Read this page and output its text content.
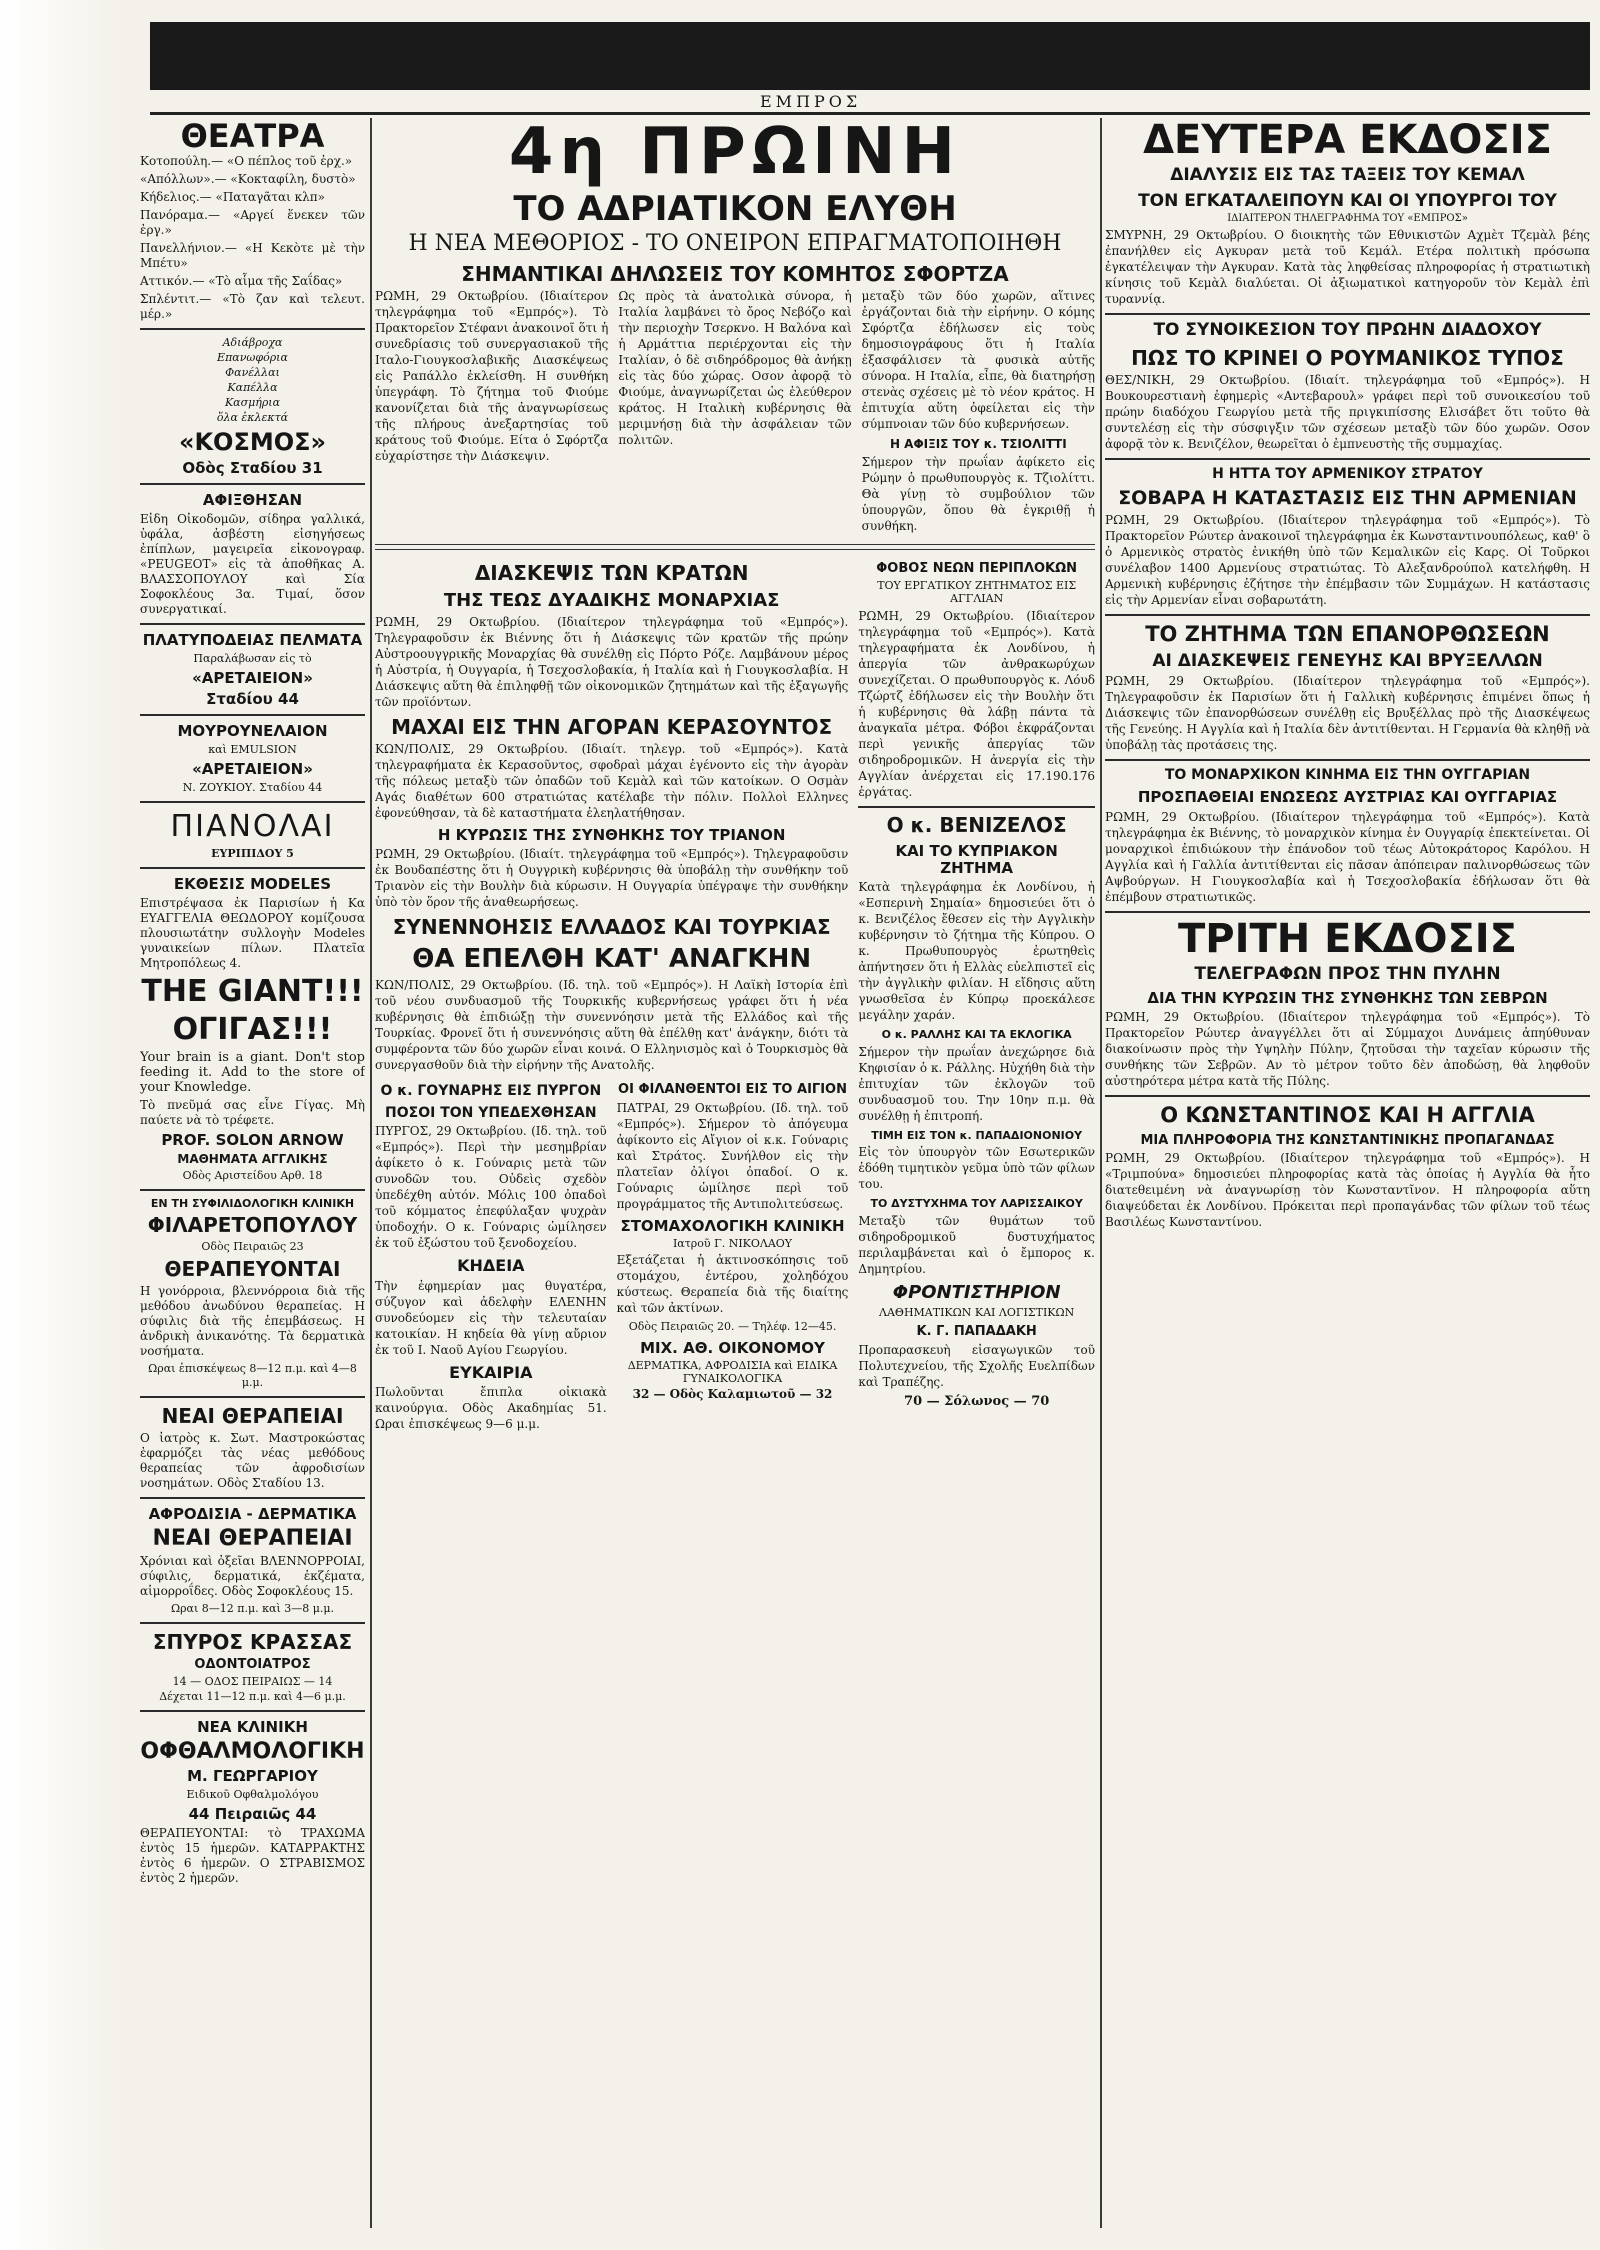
ΕΜΠΡΟΣ
ΘΕΑΤΡΑ
Κοτοπούλη.— «Ο πέπλος τοῦ ἐρχ.»
«Απόλλων».— «Κοκταφίλη, δυστὸ»
Κήδελιος.— «Παταγᾶται κλπ»
Πανόραμα.— «Αργεί ἕνεκεν τῶν ἐργ.»
Πανελλήνιον.— «Η Κεκὸτε μὲ τὴν Μπέτυ»
Αττικόν.— «Τὸ αἷμα τῆς Σαΐδας»
Σπλέντιτ.— «Τὸ ζαν καὶ τελευτ. μέρ.»
Αδιάβροχα
Επανωφόρια
Φανέλλαι
Καπέλλα
Κασμήρια
ὅλα ἐκλεκτά
«ΚΟΣΜΟΣ»
Οδὸς Σταδίου 31
ΑΦΙΞΘΗΣΑΝ
Εἰδη Οἰκοδομῶν, σίδηρα γαλλικά, ὑφάλα, ἀσβέστη εἰσηγήσεως ἐπίπλων, μαγειρεῖα εἰκονογραφ. «PEUGEOT» εἰς τὰ ἀποθῆκας Α. ΒΛΑΣΣΟΠΟΥΛΟΥ καὶ Σία Σοφοκλέους 3α. Τιμαί, ὅσον συνεργατικαί.
ΠΛΑΤΥΠΟΔΕΙΑΣ ΠΕΛΜΑΤΑ
Παραλάβωσαν εἰς τὸ
«ΑΡΕΤΑΙΕΙΟΝ»
Σταδίου 44
ΜΟΥΡΟΥΝΕΛΑΙΟΝ
καὶ EMULSION
«ΑΡΕΤΑΙΕΙΟΝ»
Ν. ΖΟΥΚΙΟΥ. Σταδίου 44
ΠΙΑΝΟΛΑΙ
ΕΥΡΙΠΙΔΟΥ 5
ΕΚΘΕΣΙΣ MODELES
Επιστρέψασα ἐκ Παρισίων ἡ Κα ΕΥΑΓΓΕΛΙΑ ΘΕΩΔΟΡΟΥ κομίζουσα πλουσιωτάτην συλλογὴν Modeles γυναικείων πίλων. Πλατεῖα Μητροπόλεως 4.
THE GIANT!!!
ΟΓΙΓΑΣ!!!
Your brain is a giant. Don't stop feeding it. Add to the store of your Knowledge.
Τὸ πνεῦμά σας εἶνε Γίγας. Μὴ παύετε νὰ τὸ τρέφετε.
PROF. SOLON ARNOW
ΜΑΘΗΜΑΤΑ ΑΓΓΛΙΚΗΣ
Οδὸς Αριστείδου Αρθ. 18
ΕΝ ΤΗ ΣΥΦΙΛΙΔΟΛΟΓΙΚΗ ΚΛΙΝΙΚΗ
ΦΙΛΑΡΕΤΟΠΟΥΛΟΥ
Οδὸς Πειραιῶς 23
ΘΕΡΑΠΕΥΟΝΤΑΙ
Η γονόρροια, βλεννόρροια διὰ τῆς μεθόδου ἀνωδύνου θεραπείας. Η σύφιλις διὰ τῆς ἐπεμβάσεως. Η ἀνδρικὴ ἀνικανότης. Τὰ δερματικὰ νοσήματα.
Ωραι ἐπισκέψεως 8—12 π.μ. καὶ 4—8 μ.μ.
ΝΕΑΙ ΘΕΡΑΠΕΙΑΙ
Ο ἰατρὸς κ. Σωτ. Μαστροκώστας ἐφαρμόζει τὰς νέας μεθόδους θεραπείας τῶν ἀφροδισίων νοσημάτων. Οδὸς Σταδίου 13.
ΑΦΡΟΔΙΣΙΑ - ΔΕΡΜΑΤΙΚΑ
ΝΕΑΙ ΘΕΡΑΠΕΙΑΙ
Χρόνιαι καὶ ὀξεῖαι ΒΛΕΝΝΟΡΡΟΙΑΙ, σύφιλις, δερματικά, ἐκζέματα, αἱμορροΐδες. Οδὸς Σοφοκλέους 15.
Ωραι 8—12 π.μ. καὶ 3—8 μ.μ.
ΣΠΥΡΟΣ ΚΡΑΣΣΑΣ
ΟΔΟΝΤΟΙΑΤΡΟΣ
14 — ΟΔΟΣ ΠΕΙΡΑΙΩΣ — 14
Δέχεται 11—12 π.μ. καὶ 4—6 μ.μ.
ΝΕΑ ΚΛΙΝΙΚΗ
ΟΦΘΑΛΜΟΛΟΓΙΚΗ
Μ. ΓΕΩΡΓΑΡΙΟΥ
Ειδικοῦ Οφθαλμολόγου
44 Πειραιῶς 44
ΘΕΡΑΠΕΥΟΝΤΑΙ: τὸ ΤΡΑΧΩΜΑ ἐντὸς 15 ἡμερῶν. ΚΑΤΑΡΡΑΚΤΗΣ ἐντὸς 6 ἡμερῶν. Ο ΣΤΡΑΒΙΣΜΟΣ ἐντὸς 2 ἡμερῶν.
4η ΠΡΩΙΝΗ
ΤΟ ΑΔΡΙΑΤΙΚΟΝ ΕΛΥΘΗ
Η ΝΕΑ ΜΕΘΟΡΙΟΣ - ΤΟ ΟΝΕΙΡΟΝ ΕΠΡΑΓΜΑΤΟΠΟΙΗΘΗ
ΣΗΜΑΝΤΙΚΑΙ ΔΗΛΩΣΕΙΣ ΤΟΥ ΚΟΜΗΤΟΣ ΣΦΟΡΤΖΑ
ΡΩΜΗ, 29 Οκτωβρίου. (Ιδιαίτερον τηλεγράφημα τοῦ «Εμπρός»). Τὸ Πρακτορεῖον Στέφανι ἀνακοινοῖ ὅτι ἡ συνεδρίασις τοῦ συνεργασιακοῦ τῆς Ιταλο-Γιουγκοσλαβικῆς Διασκέψεως εἰς Ραπάλλο ἐκλείσθη. Η συνθήκη ὑπεγράφη. Τὸ ζήτημα τοῦ Φιούμε κανονίζεται διὰ τῆς ἀναγνωρίσεως τῆς πλήρους ἀνεξαρτησίας τοῦ κράτους τοῦ Φιούμε. Είτα ὁ Σφόρτζα εὐχαρίστησε τὴν Διάσκεψιν.
Ως πρὸς τὰ ἀνατολικὰ σύνορα, ἡ Ιταλία λαμβάνει τὸ ὄρος Νεβόζο καὶ τὴν περιοχὴν Τσερκνο. Η Βαλόνα καὶ ἡ Αρμάττια περιέρχονται εἰς τὴν Ιταλίαν, ὁ δὲ σιδηρόδρομος θὰ ἀνήκῃ εἰς τὰς δύο χώρας. Οσον ἀφορᾷ τὸ Φιούμε, ἀναγνωρίζεται ὡς ἐλεύθερον κράτος. Η Ιταλικὴ κυβέρνησις θὰ μεριμνήσῃ διὰ τὴν ἀσφάλειαν τῶν πολιτῶν.
μεταξὺ τῶν δύο χωρῶν, αἵτινες ἐργάζονται διὰ τὴν εἰρήνην. Ο κόμης Σφόρτζα ἐδήλωσεν εἰς τοὺς δημοσιογράφους ὅτι ἡ Ιταλία ἐξασφάλισεν τὰ φυσικὰ αὐτῆς σύνορα. Η Ιταλία, εἶπε, θὰ διατηρήσῃ στενὰς σχέσεις μὲ τὸ νέον κράτος. Η ἐπιτυχία αὕτη ὀφείλεται εἰς τὴν σύμπνοιαν τῶν δύο κυβερνήσεων.
Η ΑΦΙΞΙΣ ΤΟΥ κ. ΤΣΙΟΛΙΤΤΙ
Σήμερον τὴν πρωΐαν ἀφίκετο εἰς Ρώμην ὁ πρωθυπουργὸς κ. Τζιολίττι. Θὰ γίνῃ τὸ συμβούλιον τῶν ὑπουργῶν, ὅπου θὰ ἐγκριθῇ ἡ συνθήκη.
ΔΙΑΣΚΕΨΙΣ ΤΩΝ ΚΡΑΤΩΝ
ΤΗΣ ΤΕΩΣ ΔΥΑΔΙΚΗΣ ΜΟΝΑΡΧΙΑΣ
ΡΩΜΗ, 29 Οκτωβρίου. (Ιδιαίτερον τηλεγράφημα τοῦ «Εμπρός»). Τηλεγραφοῦσιν ἐκ Βιέννης ὅτι ἡ Διάσκεψις τῶν κρατῶν τῆς πρώην Αὐστροουγγρικῆς Μοναρχίας θὰ συνέλθῃ εἰς Πόρτο Ρόζε. Λαμβάνουν μέρος ἡ Αὐστρία, ἡ Ουγγαρία, ἡ Τσεχοσλοβακία, ἡ Ιταλία καὶ ἡ Γιουγκοσλαβία. Η Διάσκεψις αὕτη θὰ ἐπιληφθῇ τῶν οἰκονομικῶν ζητημάτων καὶ τῆς ἐξαγωγῆς τῶν προϊόντων.
ΜΑΧΑΙ ΕΙΣ ΤΗΝ ΑΓΟΡΑΝ ΚΕΡΑΣΟΥΝΤΟΣ
ΚΩΝ/ΠΟΛΙΣ, 29 Οκτωβρίου. (Ιδιαίτ. τηλεγρ. τοῦ «Εμπρός»). Κατὰ τηλεγραφήματα ἐκ Κερασοῦντος, σφοδραὶ μάχαι ἐγένοντο εἰς τὴν ἀγορὰν τῆς πόλεως μεταξὺ τῶν ὀπαδῶν τοῦ Κεμὰλ καὶ τῶν κατοίκων. Ο Οσμὰν Αγάς διαθέτων 600 στρατιώτας κατέλαβε τὴν πόλιν. Πολλοὶ Ελληνες ἐφονεύθησαν, τὰ δὲ καταστήματα ἐλεηλατήθησαν.
Η ΚΥΡΩΣΙΣ ΤΗΣ ΣΥΝΘΗΚΗΣ ΤΟΥ ΤΡΙΑΝΟΝ
ΡΩΜΗ, 29 Οκτωβρίου. (Ιδιαίτ. τηλεγράφημα τοῦ «Εμπρός»). Τηλεγραφοῦσιν ἐκ Βουδαπέστης ὅτι ἡ Ουγγρικὴ κυβέρνησις θὰ ὑποβάλῃ τὴν συνθήκην τοῦ Τριανὸν εἰς τὴν Βουλὴν διὰ κύρωσιν. Η Ουγγαρία ὑπέγραψε τὴν συνθήκην ὑπὸ τὸν ὅρον τῆς ἀναθεωρήσεως.
ΣΥΝΕΝΝΟΗΣΙΣ ΕΛΛΑΔΟΣ ΚΑΙ ΤΟΥΡΚΙΑΣ
ΘΑ ΕΠΕΛΘΗ ΚΑΤ' ΑΝΑΓΚΗΝ
ΚΩΝ/ΠΟΛΙΣ, 29 Οκτωβρίου. (Ιδ. τηλ. τοῦ «Εμπρός»). Η Λαϊκὴ Ιστορία ἐπὶ τοῦ νέου συνδυασμοῦ τῆς Τουρκικῆς κυβερνήσεως γράφει ὅτι ἡ νέα κυβέρνησις θὰ ἐπιδιώξῃ τὴν συνεννόησιν μετὰ τῆς Ελλάδος καὶ τῆς Τουρκίας. Φρονεῖ ὅτι ἡ συνεννόησις αὕτη θὰ ἐπέλθῃ κατ' ἀνάγκην, διότι τὰ συμφέροντα τῶν δύο χωρῶν εἶναι κοινά. Ο Ελληνισμὸς καὶ ὁ Τουρκισμὸς θὰ συνεργασθοῦν διὰ τὴν εἰρήνην τῆς Ανατολῆς.
Ο κ. ΓΟΥΝΑΡΗΣ ΕΙΣ ΠΥΡΓΟΝ
ΠΟΣΟΙ ΤΟΝ ΥΠΕΔΕΧΘΗΣΑΝ
ΠΥΡΓΟΣ, 29 Οκτωβρίου. (Ιδ. τηλ. τοῦ «Εμπρός»). Περὶ τὴν μεσημβρίαν ἀφίκετο ὁ κ. Γούναρις μετὰ τῶν συνοδῶν του. Οὐδεὶς σχεδὸν ὑπεδέχθη αὐτόν. Μόλις 100 ὀπαδοὶ τοῦ κόμματος ἐπεφύλαξαν ψυχρὰν ὑποδοχήν. Ο κ. Γούναρις ὡμίλησεν ἐκ τοῦ ἐξώστου τοῦ ξενοδοχείου.
ΚΗΔΕΙΑ
Τὴν ἐφημερίαν μας θυγατέρα, σύζυγον καὶ ἀδελφὴν ΕΛΕΝΗΝ συνοδεύομεν εἰς τὴν τελευταίαν κατοικίαν. Η κηδεία θὰ γίνῃ αὔριον ἐκ τοῦ Ι. Ναοῦ Αγίου Γεωργίου.
ΕΥΚΑΙΡΙΑ
Πωλοῦνται ἔπιπλα οἰκιακὰ καινούργια. Οδὸς Ακαδημίας 51. Ωραι ἐπισκέψεως 9—6 μ.μ.
ΟΙ ΦΙΛΑΝΘΕΝΤΟΙ ΕΙΣ ΤΟ ΑΙΓΙΟΝ
ΠΑΤΡΑΙ, 29 Οκτωβρίου. (Ιδ. τηλ. τοῦ «Εμπρός»). Σήμερον τὸ ἀπόγευμα ἀφίκοντο εἰς Αἴγιον οἱ κ.κ. Γούναρις καὶ Στράτος. Συνήλθον εἰς τὴν πλατεῖαν ὀλίγοι ὀπαδοί. Ο κ. Γούναρις ὡμίλησε περὶ τοῦ προγράμματος τῆς Αντιπολιτεύσεως.
ΣΤΟΜΑΧΟΛΟΓΙΚΗ ΚΛΙΝΙΚΗ
Ιατροῦ Γ. ΝΙΚΟΛΑΟΥ
Εξετάζεται ἡ ἀκτινοσκόπησις τοῦ στομάχου, ἐντέρου, χοληδόχου κύστεως. Θεραπεία διὰ τῆς διαίτης καὶ τῶν ἀκτίνων.
Οδὸς Πειραιῶς 20. — Τηλέφ. 12—45.
ΜΙΧ. ΑΘ. ΟΙΚΟΝΟΜΟΥ
ΔΕΡΜΑΤΙΚΑ, ΑΦΡΟΔΙΣΙΑ καὶ ΕΙΔΙΚΑ ΓΥΝΑΙΚΟΛΟΓΙΚΑ
32 — Οδὸς Καλαμιωτοῦ — 32
ΦΟΒΟΣ ΝΕΩΝ ΠΕΡΙΠΛΟΚΩΝ
ΤΟΥ ΕΡΓΑΤΙΚΟΥ ΖΗΤΗΜΑΤΟΣ ΕΙΣ ΑΓΓΛΙΑΝ
ΡΩΜΗ, 29 Οκτωβρίου. (Ιδιαίτερον τηλεγράφημα τοῦ «Εμπρός»). Κατὰ τηλεγραφήματα ἐκ Λονδίνου, ἡ ἀπεργία τῶν ἀνθρακωρύχων συνεχίζεται. Ο πρωθυπουργὸς κ. Λόυδ Τζώρτζ ἐδήλωσεν εἰς τὴν Βουλὴν ὅτι ἡ κυβέρνησις θὰ λάβῃ πάντα τὰ ἀναγκαῖα μέτρα. Φόβοι ἐκφράζονται περὶ γενικῆς ἀπεργίας τῶν σιδηροδρομικῶν. Η ἀνεργία εἰς τὴν Αγγλίαν ἀνέρχεται εἰς 17.190.176 ἐργάτας.
Ο κ. ΒΕΝΙΖΕΛΟΣ
ΚΑΙ ΤΟ ΚΥΠΡΙΑΚΟΝ ΖΗΤΗΜΑ
Κατὰ τηλεγράφημα ἐκ Λονδίνου, ἡ «Εσπερινὴ Σημαία» δημοσιεύει ὅτι ὁ κ. Βενιζέλος ἔθεσεν εἰς τὴν Αγγλικὴν κυβέρνησιν τὸ ζήτημα τῆς Κύπρου. Ο κ. Πρωθυπουργὸς ἐρωτηθεὶς ἀπήντησεν ὅτι ἡ Ελλὰς εὐελπιστεῖ εἰς τὴν ἀγγλικὴν φιλίαν. Η εἴδησις αὕτη γνωσθεῖσα ἐν Κύπρῳ προεκάλεσε μεγάλην χαράν.
Ο κ. ΡΑΛΛΗΣ ΚΑΙ ΤΑ ΕΚΛΟΓΙΚΑ
Σήμερον τὴν πρωΐαν ἀνεχώρησε διὰ Κηφισίαν ὁ κ. Ράλλης. Ηὐχήθη διὰ τὴν ἐπιτυχίαν τῶν ἐκλογῶν τοῦ συνδυασμοῦ του. Την 10ην π.μ. θὰ συνέλθῃ ἡ ἐπιτροπή.
ΤΙΜΗ ΕΙΣ ΤΟΝ κ. ΠΑΠΑΔΙΟΝΟΝΙΟΥ
Εἰς τὸν ὑπουργὸν τῶν Εσωτερικῶν ἐδόθη τιμητικὸν γεῦμα ὑπὸ τῶν φίλων του.
ΤΟ ΔΥΣΤΥΧΗΜΑ ΤΟΥ ΛΑΡΙΣΣΑΙΚΟΥ
Μεταξὺ τῶν θυμάτων τοῦ σιδηροδρομικοῦ δυστυχήματος περιλαμβάνεται καὶ ὁ ἔμπορος κ. Δημητρίου.
ΦΡΟΝΤΙΣΤΗΡΙΟΝ
ΛΑΘΗΜΑΤΙΚΩΝ ΚΑΙ ΛΟΓΙΣΤΙΚΩΝ
Κ. Γ. ΠΑΠΑΔΑΚΗ
Προπαρασκευὴ εἰσαγωγικῶν τοῦ Πολυτεχνείου, τῆς Σχολῆς Ευελπίδων καὶ Τραπέζης.
70 — Σόλωνος — 70
ΔΕΥΤΕΡΑ ΕΚΔΟΣΙΣ
ΔΙΑΛΥΣΙΣ ΕΙΣ ΤΑΣ ΤΑΞΕΙΣ ΤΟΥ ΚΕΜΑΛ
ΤΟΝ ΕΓΚΑΤΑΛΕΙΠΟΥΝ ΚΑΙ ΟΙ ΥΠΟΥΡΓΟΙ ΤΟΥ
ΙΔΙΑΙΤΕΡΟΝ ΤΗΛΕΓΡΑΦΗΜΑ ΤΟΥ «ΕΜΠΡΟΣ»
ΣΜΥΡΝΗ, 29 Οκτωβρίου. Ο διοικητὴς τῶν Εθνικιστῶν Αχμὲτ Τζεμὰλ βέης ἐπανήλθεν εἰς Αγκυραν μετὰ τοῦ Κεμάλ. Ετέρα πολιτικὴ πρόσωπα ἐγκατέλειψαν τὴν Αγκυραν. Κατὰ τὰς ληφθείσας πληροφορίας ἡ στρατιωτικὴ κίνησις τοῦ Κεμὰλ διαλύεται. Οἱ ἀξιωματικοὶ κατηγοροῦν τὸν Κεμὰλ ἐπὶ τυραννίᾳ.
ΤΟ ΣΥΝΟΙΚΕΣΙΟΝ ΤΟΥ ΠΡΩΗΝ ΔΙΑΔΟΧΟΥ
ΠΩΣ ΤΟ ΚΡΙΝΕΙ Ο ΡΟΥΜΑΝΙΚΟΣ ΤΥΠΟΣ
ΘΕΣ/ΝΙΚΗ, 29 Οκτωβρίου. (Ιδιαίτ. τηλεγράφημα τοῦ «Εμπρός»). Η Βουκουρεστιανὴ ἐφημερὶς «Αντεβαρουλ» γράφει περὶ τοῦ συνοικεσίου τοῦ πρώην διαδόχου Γεωργίου μετὰ τῆς πριγκιπίσσης Ελισάβετ ὅτι τοῦτο θὰ συντελέσῃ εἰς τὴν σύσφιγξιν τῶν σχέσεων μεταξὺ τῶν δύο χωρῶν. Οσον ἀφορᾷ τὸν κ. Βενιζέλον, θεωρεῖται ὁ ἐμπνευστὴς τῆς συμμαχίας.
Η ΗΤΤΑ ΤΟΥ ΑΡΜΕΝΙΚΟΥ ΣΤΡΑΤΟΥ
ΣΟΒΑΡΑ Η ΚΑΤΑΣΤΑΣΙΣ ΕΙΣ ΤΗΝ ΑΡΜΕΝΙΑΝ
ΡΩΜΗ, 29 Οκτωβρίου. (Ιδιαίτερον τηλεγράφημα τοῦ «Εμπρός»). Τὸ Πρακτορεῖον Ρώυτερ ἀνακοινοῖ τηλεγράφημα ἐκ Κωνσταντινουπόλεως, καθ' ὃ ὁ Αρμενικὸς στρατὸς ἐνικήθη ὑπὸ τῶν Κεμαλικῶν εἰς Καρς. Οἱ Τοῦρκοι συνέλαβον 1400 Αρμενίους στρατιώτας. Τὸ Αλεξανδρούπολ κατελήφθη. Η Αρμενικὴ κυβέρνησις ἐζήτησε τὴν ἐπέμβασιν τῶν Συμμάχων. Η κατάστασις εἰς τὴν Αρμενίαν εἶναι σοβαρωτάτη.
ΤΟ ΖΗΤΗΜΑ ΤΩΝ ΕΠΑΝΟΡΘΩΣΕΩΝ
ΑΙ ΔΙΑΣΚΕΨΕΙΣ ΓΕΝΕΥΗΣ ΚΑΙ ΒΡΥΞΕΛΛΩΝ
ΡΩΜΗ, 29 Οκτωβρίου. (Ιδιαίτερον τηλεγράφημα τοῦ «Εμπρός»). Τηλεγραφοῦσιν ἐκ Παρισίων ὅτι ἡ Γαλλικὴ κυβέρνησις ἐπιμένει ὅπως ἡ Διάσκεψις τῶν ἐπανορθώσεων συνέλθῃ εἰς Βρυξέλλας πρὸ τῆς Διασκέψεως τῆς Γενεύης. Η Αγγλία καὶ ἡ Ιταλία δὲν ἀντιτίθενται. Η Γερμανία θὰ κληθῇ νὰ ὑποβάλῃ τὰς προτάσεις της.
ΤΟ ΜΟΝΑΡΧΙΚΟΝ ΚΙΝΗΜΑ ΕΙΣ ΤΗΝ ΟΥΓΓΑΡΙΑΝ
ΠΡΟΣΠΑΘΕΙΑΙ ΕΝΩΣΕΩΣ ΑΥΣΤΡΙΑΣ ΚΑΙ ΟΥΓΓΑΡΙΑΣ
ΡΩΜΗ, 29 Οκτωβρίου. (Ιδιαίτερον τηλεγράφημα τοῦ «Εμπρός»). Κατὰ τηλεγράφημα ἐκ Βιέννης, τὸ μοναρχικὸν κίνημα ἐν Ουγγαρίᾳ ἐπεκτείνεται. Οἱ μοναρχικοὶ ἐπιδιώκουν τὴν ἐπάνοδον τοῦ τέως Αὐτοκράτορος Καρόλου. Η Αγγλία καὶ ἡ Γαλλία ἀντιτίθενται εἰς πᾶσαν ἀπόπειραν παλινορθώσεως τῶν Αψβούργων. Η Γιουγκοσλαβία καὶ ἡ Τσεχοσλοβακία ἐδήλωσαν ὅτι θὰ ἐπέμβουν στρατιωτικῶς.
ΤΡΙΤΗ ΕΚΔΟΣΙΣ
ΤΕΛΕΓΡΑΦΩΝ ΠΡΟΣ ΤΗΝ ΠΥΛΗΝ
ΔΙΑ ΤΗΝ ΚΥΡΩΣΙΝ ΤΗΣ ΣΥΝΘΗΚΗΣ ΤΩΝ ΣΕΒΡΩΝ
ΡΩΜΗ, 29 Οκτωβρίου. (Ιδιαίτερον τηλεγράφημα τοῦ «Εμπρός»). Τὸ Πρακτορεῖον Ρώυτερ ἀναγγέλλει ὅτι αἱ Σύμμαχοι Δυνάμεις ἀπηύθυναν διακοίνωσιν πρὸς τὴν Υψηλὴν Πύλην, ζητοῦσαι τὴν ταχεῖαν κύρωσιν τῆς συνθήκης τῶν Σεβρῶν. Αν τὸ μέτρον τοῦτο δὲν ἀποδώσῃ, θὰ ληφθοῦν αὐστηρότερα μέτρα κατὰ τῆς Πύλης.
Ο ΚΩΝΣΤΑΝΤΙΝΟΣ ΚΑΙ Η ΑΓΓΛΙΑ
ΜΙΑ ΠΛΗΡΟΦΟΡΙΑ ΤΗΣ ΚΩΝΣΤΑΝΤΙΝΙΚΗΣ ΠΡΟΠΑΓΑΝΔΑΣ
ΡΩΜΗ, 29 Οκτωβρίου. (Ιδιαίτερον τηλεγράφημα τοῦ «Εμπρός»). Η «Τριμπούνα» δημοσιεύει πληροφορίας κατὰ τὰς ὁποίας ἡ Αγγλία θὰ ἦτο διατεθειμένη νὰ ἀναγνωρίσῃ τὸν Κωνσταντῖνον. Η πληροφορία αὕτη διαψεύδεται ἐκ Λονδίνου. Πρόκειται περὶ προπαγάνδας τῶν φίλων τοῦ τέως Βασιλέως Κωνσταντίνου.
